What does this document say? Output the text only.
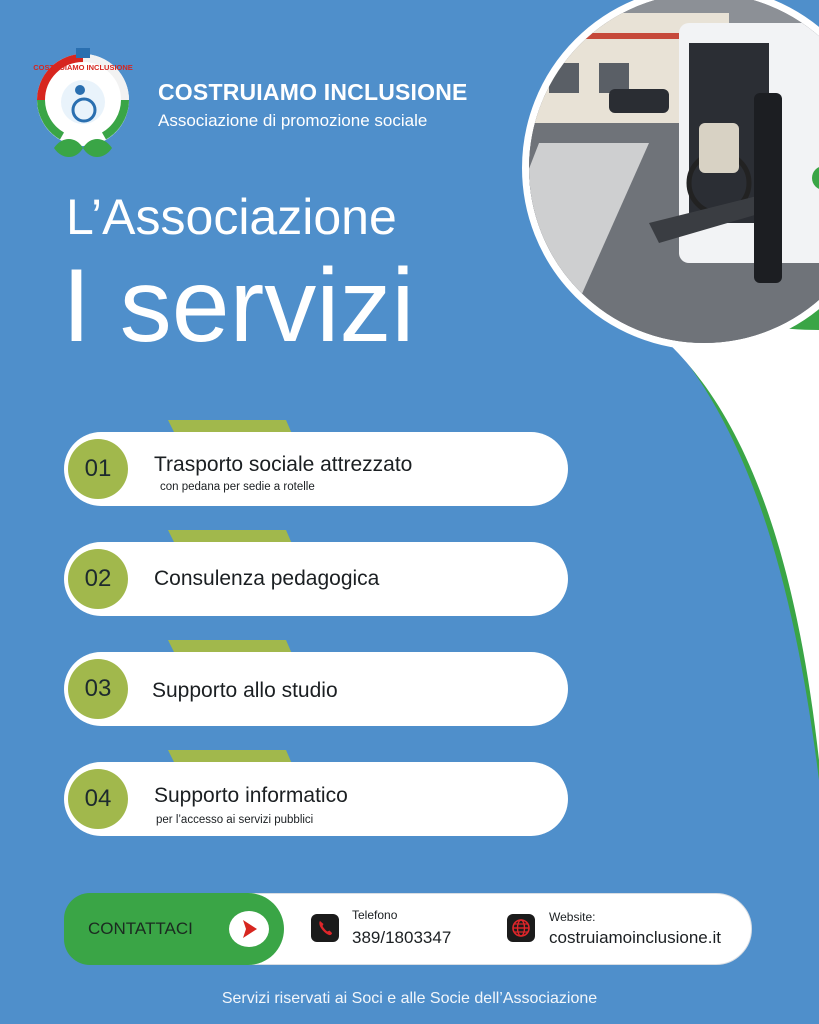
COSTRUIAMO INCLUSIONE
COSTRUIAMO INCLUSIONE
Associazione di promozione sociale
L’Associazione
I servizi
01	Trasporto sociale attrezzato
con pedana per sedie a rotelle
02	Consulenza pedagogica
03	Supporto allo studio
04	Supporto informatico
per l’accesso ai servizi pubblici
CONTATTACI
Telefono
389/1803347
Website:
costruiamoinclusione.it
Servizi riservati ai Soci e alle Socie dell’Associazione
